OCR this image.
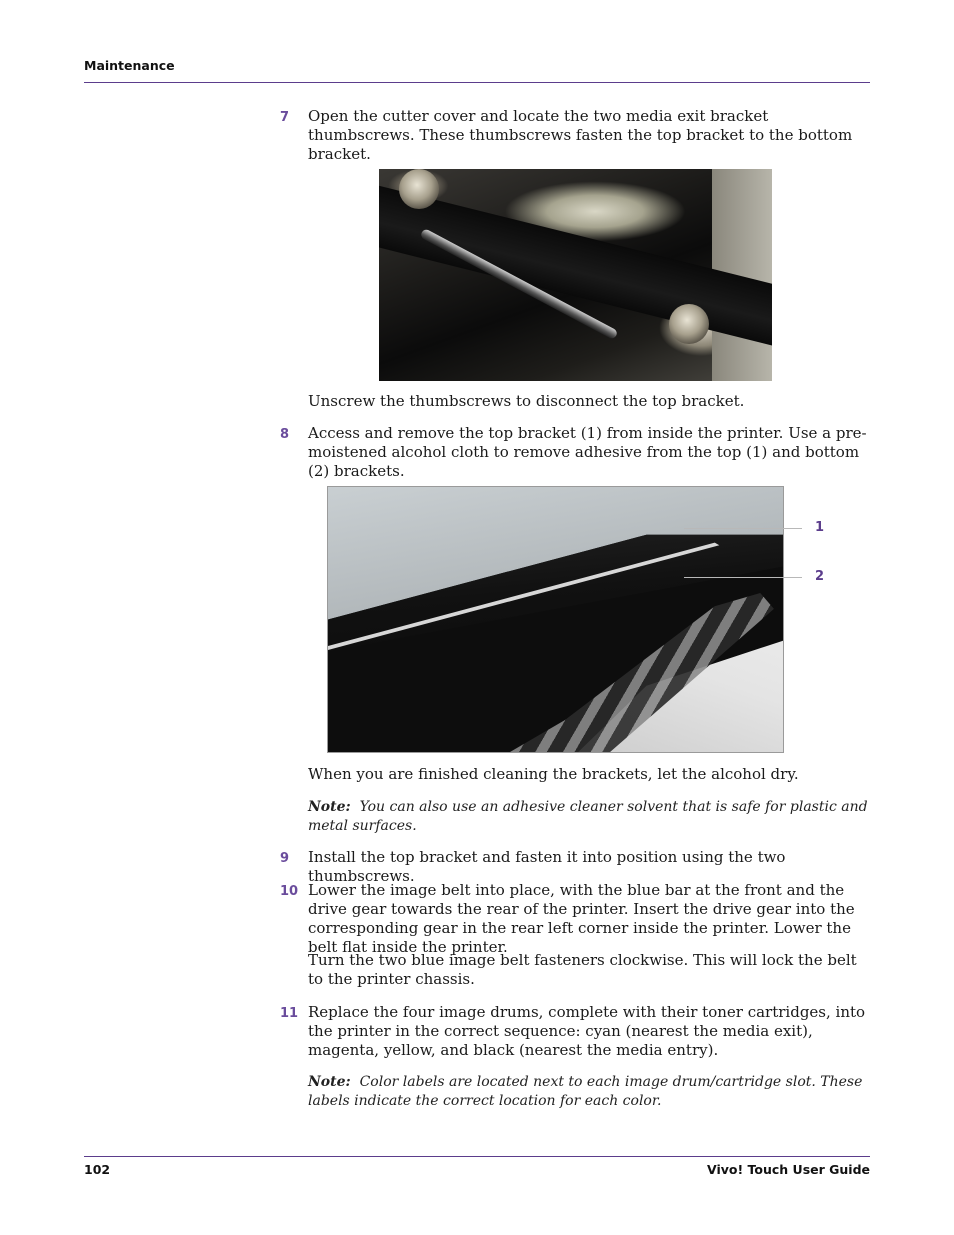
Maintenance
7 Open the cutter cover and locate the two media exit bracket thumbscrews. These thumbscrews fasten the top bracket to the bottom bracket.
Unscrew the thumbscrews to disconnect the top bracket.
8 Access and remove the top bracket (1) from inside the printer. Use a pre-moistened alcohol cloth to remove adhesive from the top (1) and bottom (2) brackets.
1
2
When you are finished cleaning the brackets, let the alcohol dry.
Note: You can also use an adhesive cleaner solvent that is safe for plastic and metal surfaces.
9 Install the top bracket and fasten it into position using the two thumbscrews.
10 Lower the image belt into place, with the blue bar at the front and the drive gear towards the rear of the printer. Insert the drive gear into the corresponding gear in the rear left corner inside the printer. Lower the belt flat inside the printer.
Turn the two blue image belt fasteners clockwise. This will lock the belt to the printer chassis.
11 Replace the four image drums, complete with their toner cartridges, into the printer in the correct sequence: cyan (nearest the media exit), magenta, yellow, and black (nearest the media entry).
Note: Color labels are located next to each image drum/cartridge slot. These labels indicate the correct location for each color.
102	Vivo! Touch User Guide
